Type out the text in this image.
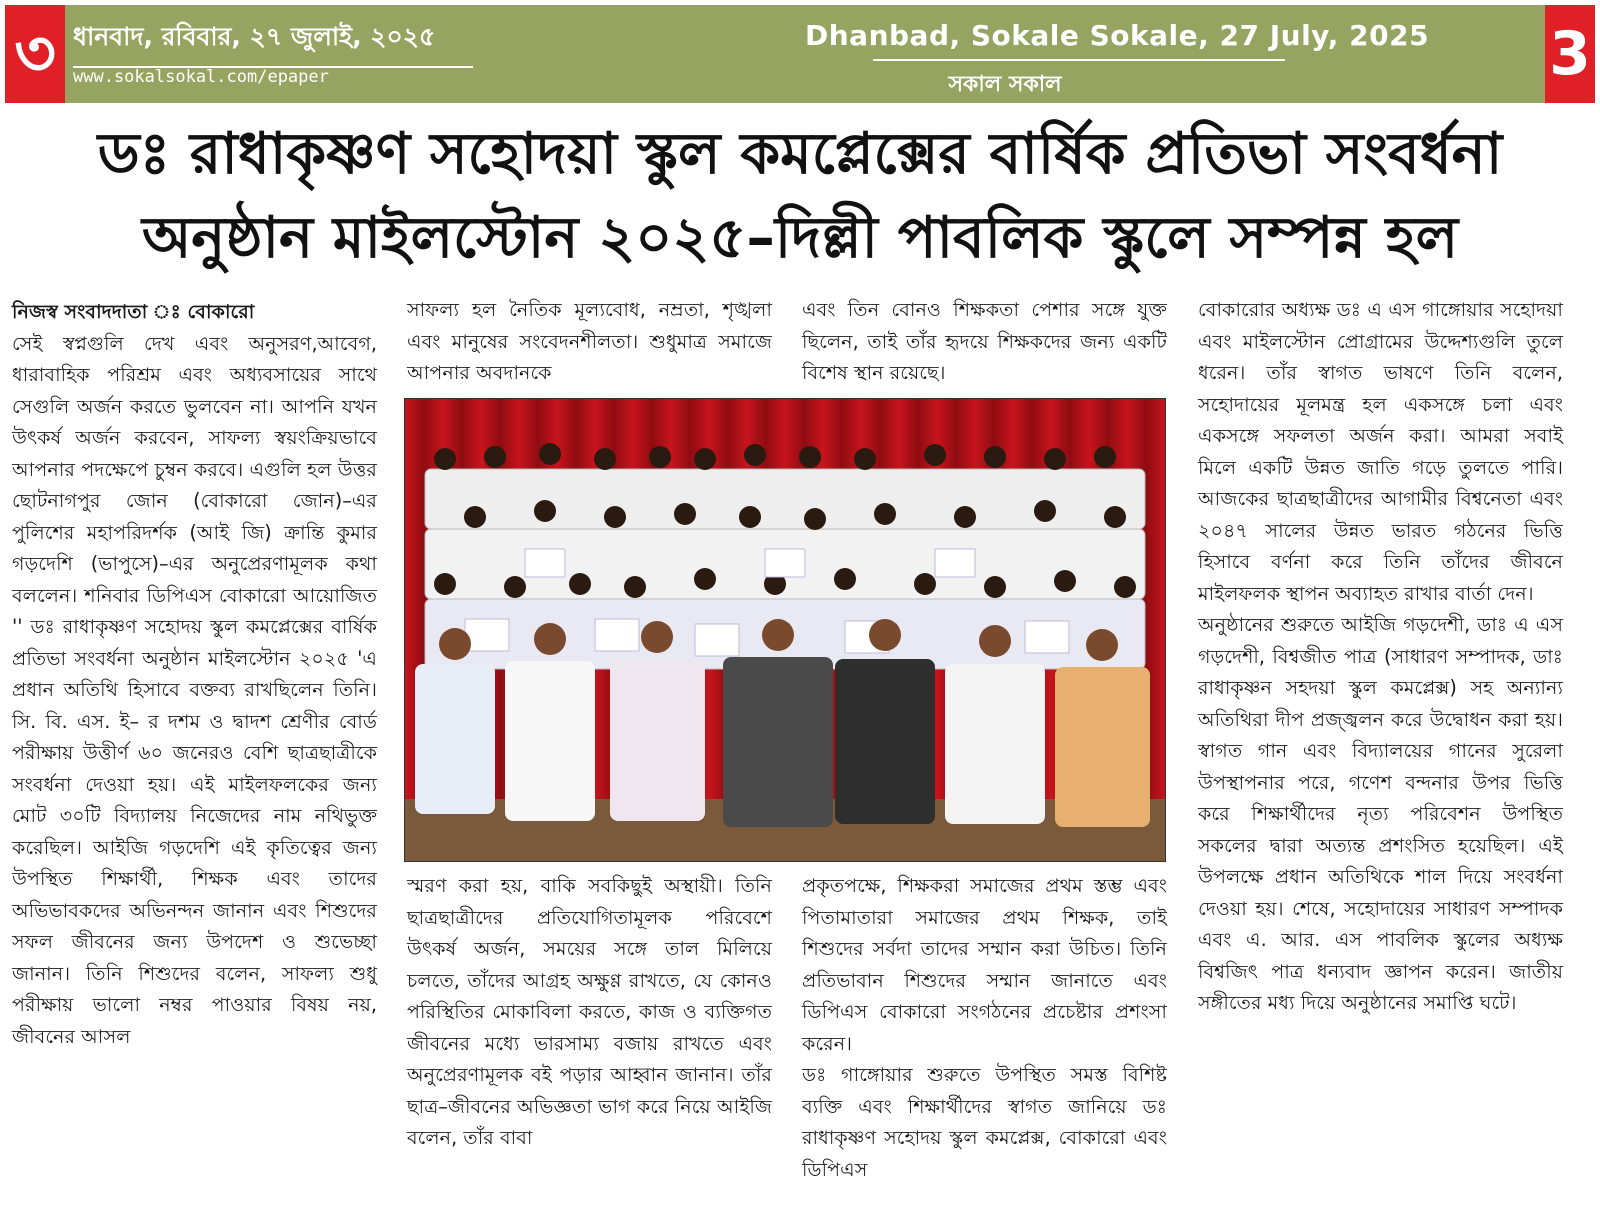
৩ ধানবাদ, রবিবার, ২৭ জুলাই, ২০২৫
www.sokalsokal.com/epaper
Dhanbad, Sokale Sokale, 27 July, 2025
সকাল সকাল	3
ডঃ রাধাকৃষ্ণণ সহোদয়া স্কুল কমপ্লেক্সের বার্ষিক প্রতিভা সংবর্ধনা
অনুষ্ঠান মাইলস্টোন ২০২৫–দিল্লী পাবলিক স্কুলে সম্পন্ন হল

নিজস্ব সংবাদদাতা ঃ বোকারো

সেই স্বপ্নগুলি দেখ এবং অনুসরণ,আবেগ, ধারাবাহিক পরিশ্রম এবং অধ্যবসায়ের সাথে সেগুলি অর্জন করতে ভুলবেন না। আপনি যখন উৎকর্ষ অর্জন করবেন, সাফল্য স্বয়ংক্রিয়ভাবে আপনার পদক্ষেপে চুম্বন করবে। এগুলি হল উত্তর ছোটনাগপুর জোন (বোকারো জোন)–এর পুলিশের মহাপরিদর্শক (আই জি) ক্রান্তি কুমার গড়দেশি (ভাপুসে)–এর অনুপ্রেরণামূলক কথা বললেন। শনিবার ডিপিএস বোকারো আয়োজিত '' ডঃ রাধাকৃষ্ণণ সহোদয় স্কুল কমপ্লেক্সের বার্ষিক প্রতিভা সংবর্ধনা অনুষ্ঠান মাইলস্টোন ২০২৫ 'এ প্রধান অতিথি হিসাবে বক্তব্য রাখছিলেন তিনি। সি. বি. এস. ই– র দশম ও দ্বাদশ শ্রেণীর বোর্ড পরীক্ষায় উত্তীর্ণ ৬০ জনেরও বেশি ছাত্রছাত্রীকে সংবর্ধনা দেওয়া হয়। এই মাইলফলকের জন্য মোট ৩০টি বিদ্যালয় নিজেদের নাম নথিভুক্ত করেছিল। আইজি গড়দেশি এই কৃতিত্বের জন্য উপস্থিত শিক্ষার্থী, শিক্ষক এবং তাদের অভিভাবকদের অভিনন্দন জানান এবং শিশুদের সফল জীবনের জন্য উপদেশ ও শুভেচ্ছা জানান। তিনি শিশুদের বলেন, সাফল্য শুধু পরীক্ষায় ভালো নম্বর পাওয়ার বিষয় নয়, জীবনের আসল

সাফল্য হল নৈতিক মূল্যবোধ, নম্রতা, শৃঙ্খলা এবং মানুষের সংবেদনশীলতা। শুধুমাত্র সমাজে আপনার অবদানকে

এবং তিন বোনও শিক্ষকতা পেশার সঙ্গে যুক্ত ছিলেন, তাই তাঁর হৃদয়ে শিক্ষকদের জন্য একটি বিশেষ স্থান রয়েছে।

স্মরণ করা হয়, বাকি সবকিছুই অস্থায়ী। তিনি ছাত্রছাত্রীদের প্রতিযোগিতামূলক পরিবেশে উৎকর্ষ অর্জন, সময়ের সঙ্গে তাল মিলিয়ে চলতে, তাঁদের আগ্রহ অক্ষুণ্ণ রাখতে, যে কোনও পরিস্থিতির মোকাবিলা করতে, কাজ ও ব্যক্তিগত জীবনের মধ্যে ভারসাম্য বজায় রাখতে এবং অনুপ্রেরণামূলক বই পড়ার আহ্বান জানান। তাঁর ছাত্র–জীবনের অভিজ্ঞতা ভাগ করে নিয়ে আইজি বলেন, তাঁর বাবা

প্রকৃতপক্ষে, শিক্ষকরা সমাজের প্রথম স্তম্ভ এবং পিতামাতারা সমাজের প্রথম শিক্ষক, তাই শিশুদের সর্বদা তাদের সম্মান করা উচিত। তিনি প্রতিভাবান শিশুদের সম্মান জানাতে এবং ডিপিএস বোকারো সংগঠনের প্রচেষ্টার প্রশংসা করেন।

ডঃ গাঙ্গোয়ার শুরুতে উপস্থিত সমস্ত বিশিষ্ট ব্যক্তি এবং শিক্ষার্থীদের স্বাগত জানিয়ে ডঃ রাধাকৃষ্ণণ সহোদয় স্কুল কমপ্লেক্স, বোকারো এবং ডিপিএস

বোকারোর অধ্যক্ষ ডঃ এ এস গাঙ্গোয়ার সহোদয়া এবং মাইলস্টোন প্রোগ্রামের উদ্দেশ্যগুলি তুলে ধরেন। তাঁর স্বাগত ভাষণে তিনি বলেন, সহোদায়ের মূলমন্ত্র হল একসঙ্গে চলা এবং একসঙ্গে সফলতা অর্জন করা। আমরা সবাই মিলে একটি উন্নত জাতি গড়ে তুলতে পারি। আজকের ছাত্রছাত্রীদের আগামীর বিশ্বনেতা এবং ২০৪৭ সালের উন্নত ভারত গঠনের ভিত্তি হিসাবে বর্ণনা করে তিনি তাঁদের জীবনে মাইলফলক স্থাপন অব্যাহত রাখার বার্তা দেন।

অনুষ্ঠানের শুরুতে আইজি গড়দেশী, ডাঃ এ এস গড়দেশী, বিশ্বজীত পাত্র (সাধারণ সম্পাদক, ডাঃ রাধাকৃষ্ণন সহদয়া স্কুল কমপ্লেক্স) সহ অন্যান্য অতিথিরা দীপ প্রজ্জ্বলন করে উদ্বোধন করা হয়। স্বাগত গান এবং বিদ্যালয়ের গানের সুরেলা উপস্থাপনার পরে, গণেশ বন্দনার উপর ভিত্তি করে শিক্ষার্থীদের নৃত্য পরিবেশন উপস্থিত সকলের দ্বারা অত্যন্ত প্রশংসিত হয়েছিল। এই উপলক্ষে প্রধান অতিথিকে শাল দিয়ে সংবর্ধনা দেওয়া হয়। শেষে, সহোদায়ের সাধারণ সম্পাদক এবং এ. আর. এস পাবলিক স্কুলের অধ্যক্ষ বিশ্বজিৎ পাত্র ধন্যবাদ জ্ঞাপন করেন। জাতীয় সঙ্গীতের মধ্য দিয়ে অনুষ্ঠানের সমাপ্তি ঘটে।
